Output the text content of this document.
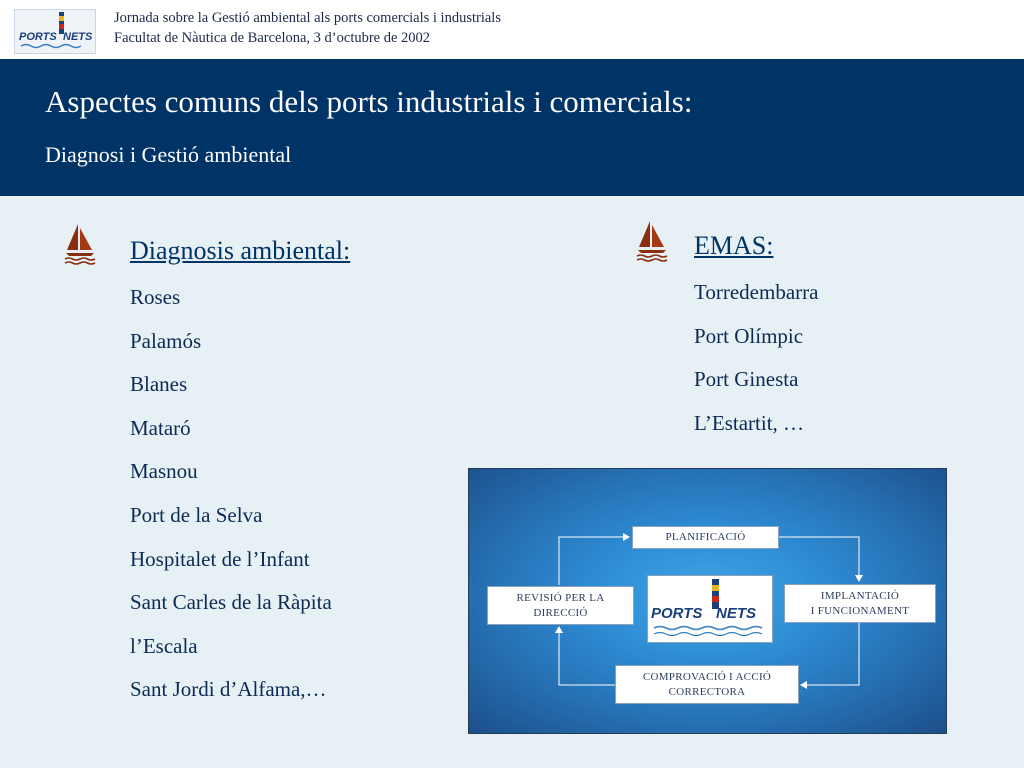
PORTS NETS
Jornada sobre la Gestió ambiental als ports comercials i industrials
Facultat de Nàutica de Barcelona, 3 d’octubre de 2002
Aspectes comuns dels ports industrials i comercials:
Diagnosi i Gestió ambiental
Diagnosis ambiental:
Roses
Palamós
Blanes
Mataró
Masnou
Port de la Selva
Hospitalet de l’Infant
Sant Carles de la Ràpita
l’Escala
Sant Jordi d’Alfama,…
EMAS:
Torredembarra
Port Olímpic
Port Ginesta
L’Estartit, …
PLANIFICACIÓ
IMPLANTACIÓ
I FUNCIONAMENT
COMPROVACIÓ I ACCIÓ
CORRECTORA
REVISIÓ PER LA
DIRECCIÓ	PORTS NETS
